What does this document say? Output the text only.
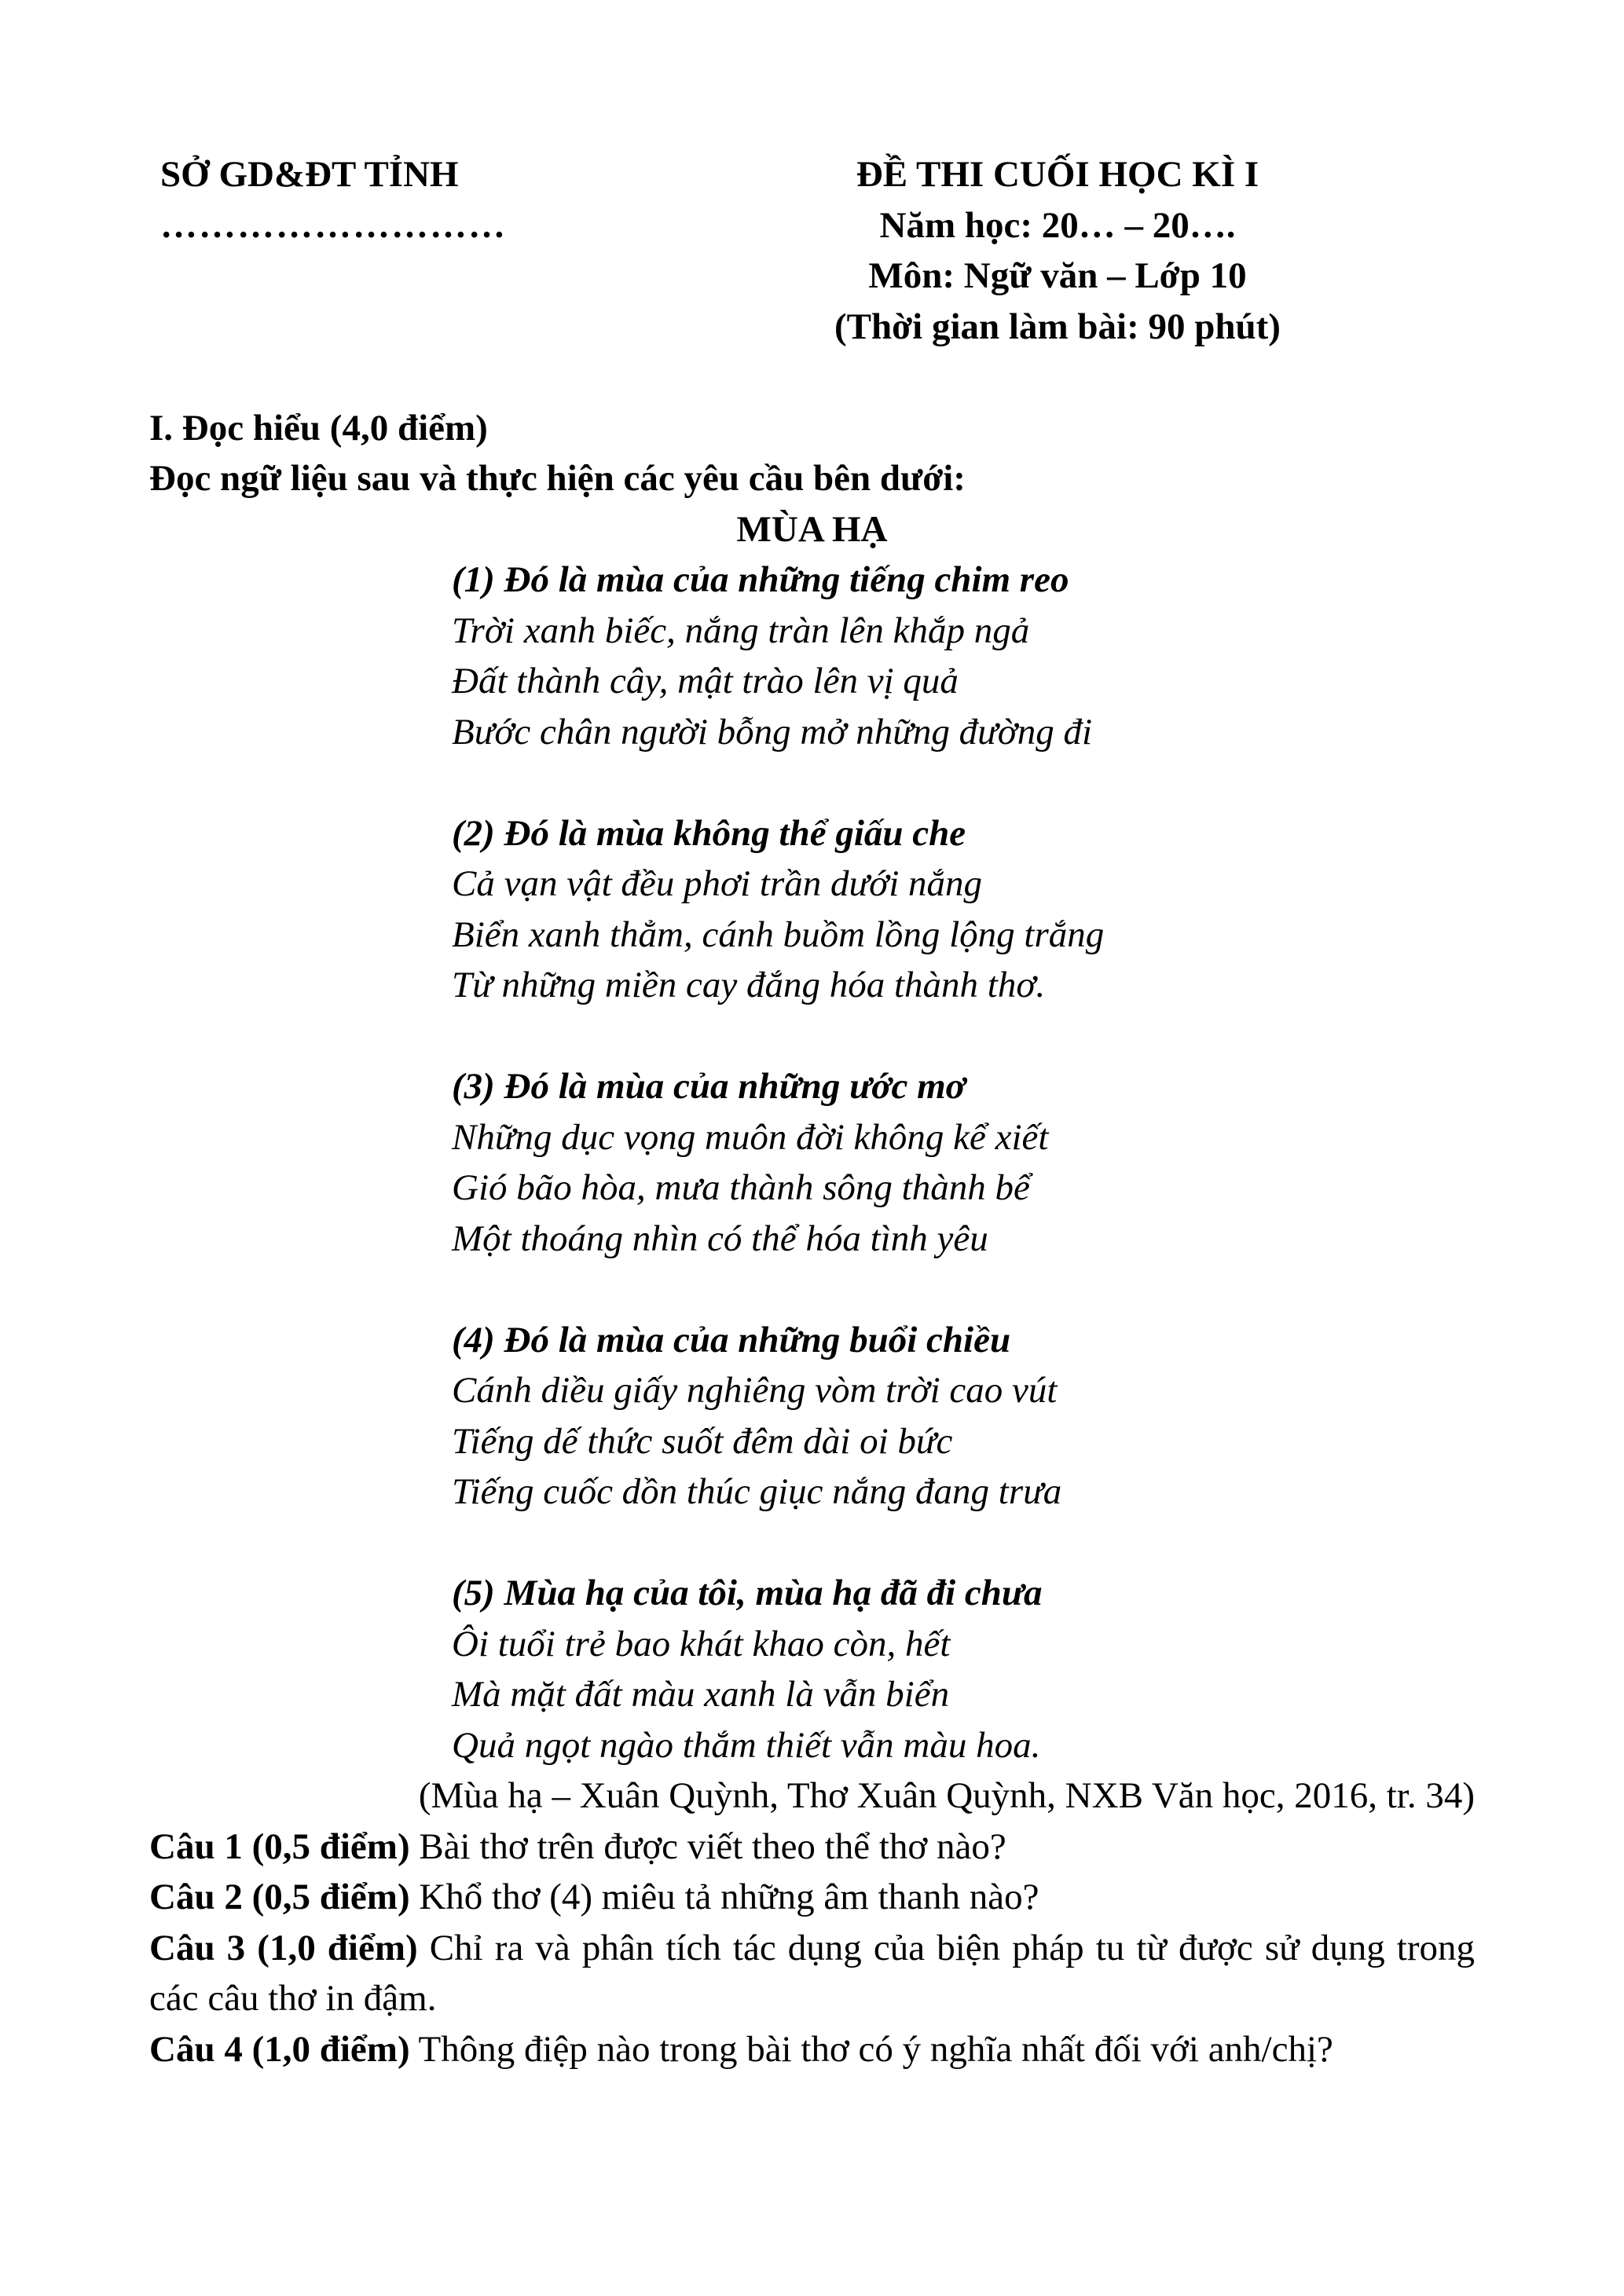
SỞ GD&ĐT TỈNH

………………………

ĐỀ THI CUỐI HỌC KÌ I

Năm học: 20… – 20….

Môn: Ngữ văn – Lớp 10

(Thời gian làm bài: 90 phút)

I. Đọc hiểu (4,0 điểm)

Đọc ngữ liệu sau và thực hiện các yêu cầu bên dưới:

MÙA HẠ

(1) Đó là mùa của những tiếng chim reo

Trời xanh biếc, nắng tràn lên khắp ngả

Đất thành cây, mật trào lên vị quả

Bước chân người bỗng mở những đường đi

(2) Đó là mùa không thể giấu che

Cả vạn vật đều phơi trần dưới nắng

Biển xanh thẳm, cánh buồm lồng lộng trắng

Từ những miền cay đắng hóa thành thơ.

(3) Đó là mùa của những ước mơ

Những dục vọng muôn đời không kể xiết

Gió bão hòa, mưa thành sông thành bể

Một thoáng nhìn có thể hóa tình yêu

(4) Đó là mùa của những buổi chiều

Cánh diều giấy nghiêng vòm trời cao vút

Tiếng dế thức suốt đêm dài oi bức

Tiếng cuốc dồn thúc giục nắng đang trưa

(5) Mùa hạ của tôi, mùa hạ đã đi chưa

Ôi tuổi trẻ bao khát khao còn, hết

Mà mặt đất màu xanh là vẫn biển

Quả ngọt ngào thắm thiết vẫn màu hoa.

(Mùa hạ – Xuân Quỳnh, Thơ Xuân Quỳnh, NXB Văn học, 2016, tr. 34)

Câu 1 (0,5 điểm) Bài thơ trên được viết theo thể thơ nào?

Câu 2 (0,5 điểm) Khổ thơ (4) miêu tả những âm thanh nào?

Câu 3 (1,0 điểm) Chỉ ra và phân tích tác dụng của biện pháp tu từ được sử dụng trong các câu thơ in đậm.

Câu 4 (1,0 điểm) Thông điệp nào trong bài thơ có ý nghĩa nhất đối với anh/chị?
